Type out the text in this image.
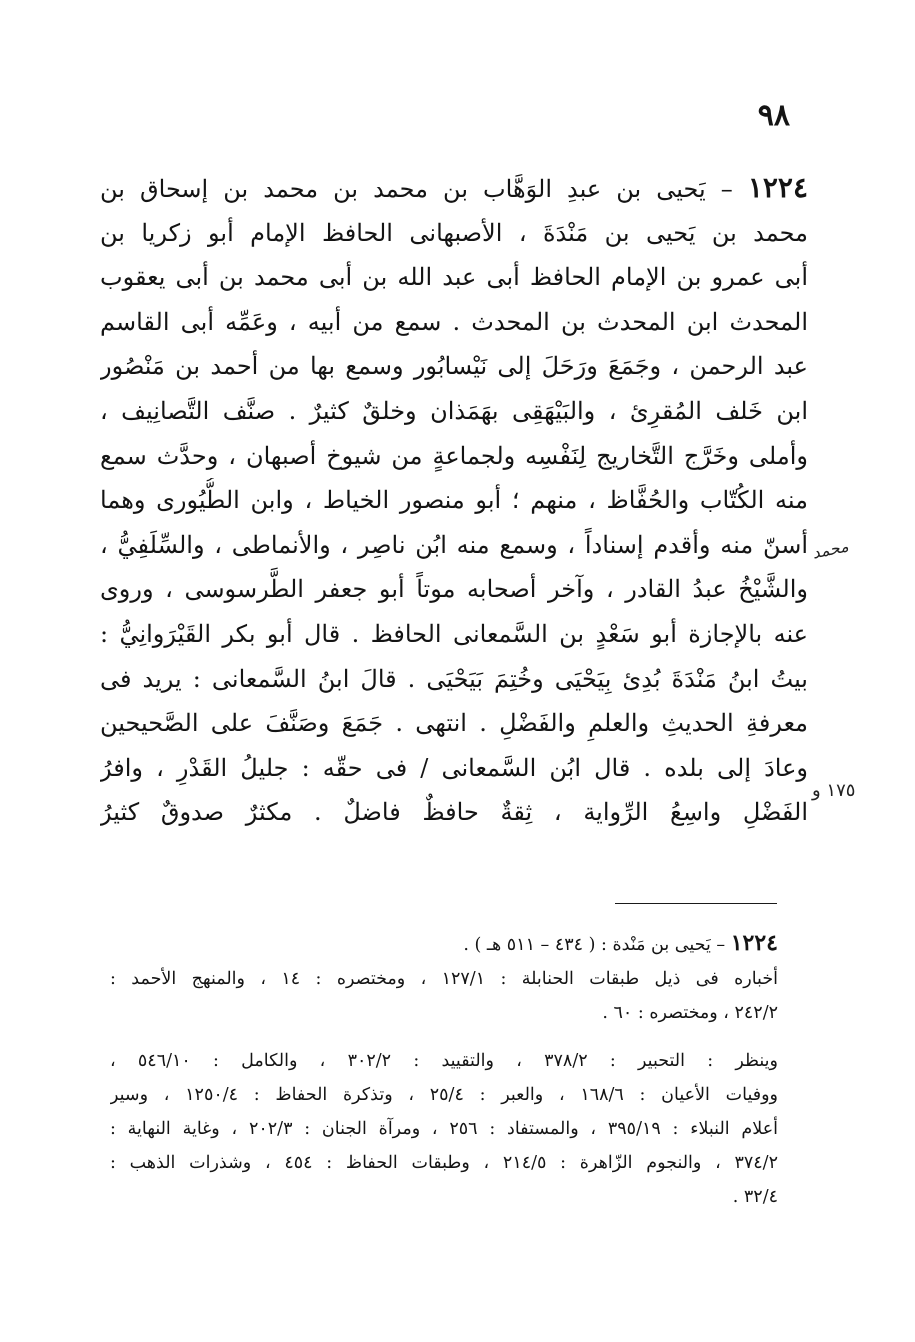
٩٨
١٢٢٤ – يَحيى بن عبدِ الوَهَّاب بن محمد بن محمد بن إسحاق بن
محمد بن يَحيى بن مَنْدَةَ ، الأصبهانى الحافظ الإمام أبو زكريا بن
أبى عمرو بن الإمام الحافظ أبى عبد الله بن أبى محمد بن أبى يعقوب
المحدث ابن المحدث بن المحدث . سمع من أبيه ، وعَمِّه أبى القاسم
عبد الرحمن ، وجَمَعَ ورَحَلَ إلى نَيْسابُور وسمع بها من أحمد بن مَنْصُور
ابن خَلف المُقرِئ ، والبَيْهَقِى بهَمَذان وخلقٌ كثيرٌ . صنَّف التَّصانِيف ،
وأملى وخَرَّج التَّخاريج لِنَفْسِه ولجماعةٍ من شيوخ أصبهان ، وحدَّث سمع
منه الكُتّاب والحُفَّاظ ، منهم ؛ أبو منصور الخياط ، وابن الطُّيُورى وهما
أسنّ منه وأقدم إسناداً ، وسمع منه ابُن ناصِر ، والأنماطى ، والسِّلَفِيُّ ،
والشَّيْخُ عبدُ القادر ، وآخر أصحابه موتاً أبو جعفر الطَّرسوسى ، وروى
عنه بالإجازة أبو سَعْدٍ بن السَّمعانى الحافظ . قال أبو بكر القَيْرَوانِيُّ :
بيتُ ابنُ مَنْدَةَ بُدِئ بِيَحْيَى وخُتِمَ بَيَحْيَى . قالَ ابنُ السَّمعانى : يريد فى
معرفةِ الحديثِ والعلمِ والفَضْلِ . انتهى . جَمَعَ وصَنَّفَ على الصَّحيحين
وعادَ إلى بلده . قال ابُن السَّمعانى / فى حقّه : جليلُ القَدْرِ ، وافرُ
الفَضْلِ واسِعُ الرِّواية ، ثِقةٌ حافظٌ فاضلٌ . مكثرٌ صدوقٌ كثيرُ
محمد
١٧٥ و
١٢٢٤ – يَحيى بن مَنْدة : ( ٤٣٤ – ٥١١ هـ ) .
أخباره فى ذيل طبقات الحنابلة : ١٢٧/١ ، ومختصره : ١٤ ، والمنهج الأحمد :
٢٤٢/٢ ، ومختصره : ٦٠ .
وينظر : التحبير : ٣٧٨/٢ ، والتقييد : ٣٠٢/٢ ، والكامل : ٥٤٦/١٠ ،
ووفيات الأعيان : ١٦٨/٦ ، والعبر : ٢٥/٤ ، وتذكرة الحفاظ : ١٢٥٠/٤ ، وسير
أعلام النبلاء : ٣٩٥/١٩ ، والمستفاد : ٢٥٦ ، ومرآة الجنان : ٢٠٢/٣ ، وغاية النهاية :
٣٧٤/٢ ، والنجوم الزّاهرة : ٢١٤/٥ ، وطبقات الحفاظ : ٤٥٤ ، وشذرات الذهب :
٣٢/٤ .
